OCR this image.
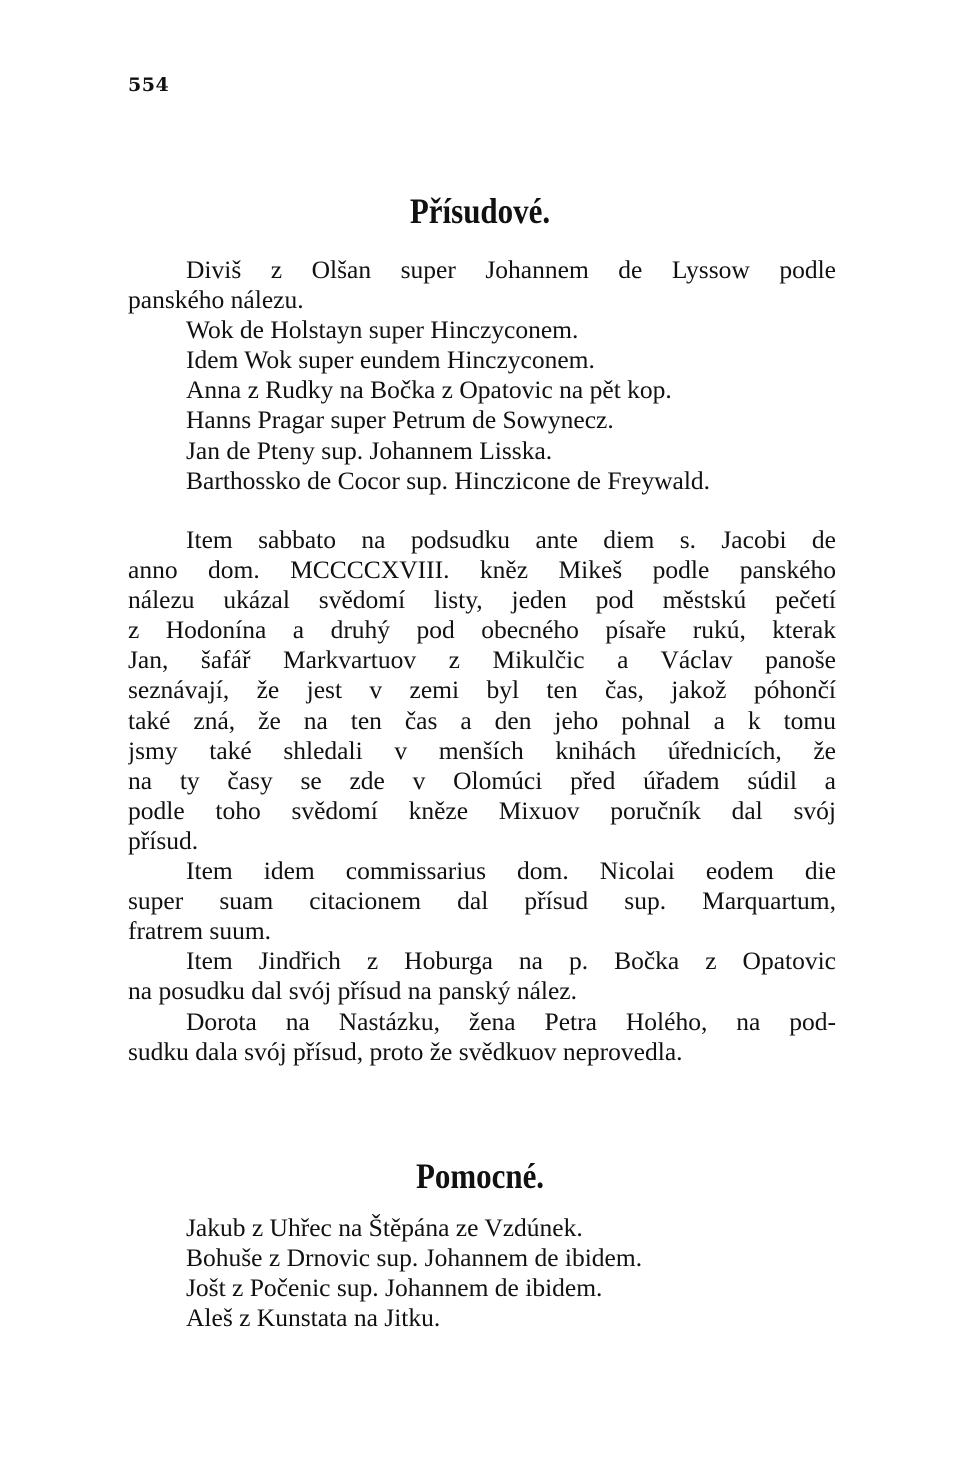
554
Přísudové.
Diviš z Olšan super Johannem de Lyssow podle
panského nálezu.
Wok de Holstayn super Hinczyconem.
Idem Wok super eundem Hinczyconem.
Anna z Rudky na Bočka z Opatovic na pět kop.
Hanns Pragar super Petrum de Sowynecz.
Jan de Pteny sup. Johannem Lisska.
Barthossko de Cocor sup. Hinczicone de Freywald.
Item sabbato na podsudku ante diem s. Jacobi de
anno dom. MCCCCXVIII. kněz Mikeš podle panského
nálezu ukázal svědomí listy, jeden pod městskú pečetí
z Hodonína a druhý pod obecného písaře rukú, kterak
Jan, šafář Markvartuov z Mikulčic a Václav panoše
seznávají, že jest v zemi byl ten čas, jakož póhončí
také zná, že na ten čas a den jeho pohnal a k tomu
jsmy také shledali v menších knihách úřednicích, že
na ty časy se zde v Olomúci před úřadem súdil a
podle toho svědomí kněze Mixuov poručník dal svój
přísud.
Item idem commissarius dom. Nicolai eodem die
super suam citacionem dal přísud sup. Marquartum,
fratrem suum.
Item Jindřich z Hoburga na p. Bočka z Opatovic
na posudku dal svój přísud na panský nález.
Dorota na Nastázku, žena Petra Holého, na pod-
sudku dala svój přísud, proto že svědkuov neprovedla.
Pomocné.
Jakub z Uhřec na Štěpána ze Vzdúnek.
Bohuše z Drnovic sup. Johannem de ibidem.
Jošt z Počenic sup. Johannem de ibidem.
Aleš z Kunstata na Jitku.
